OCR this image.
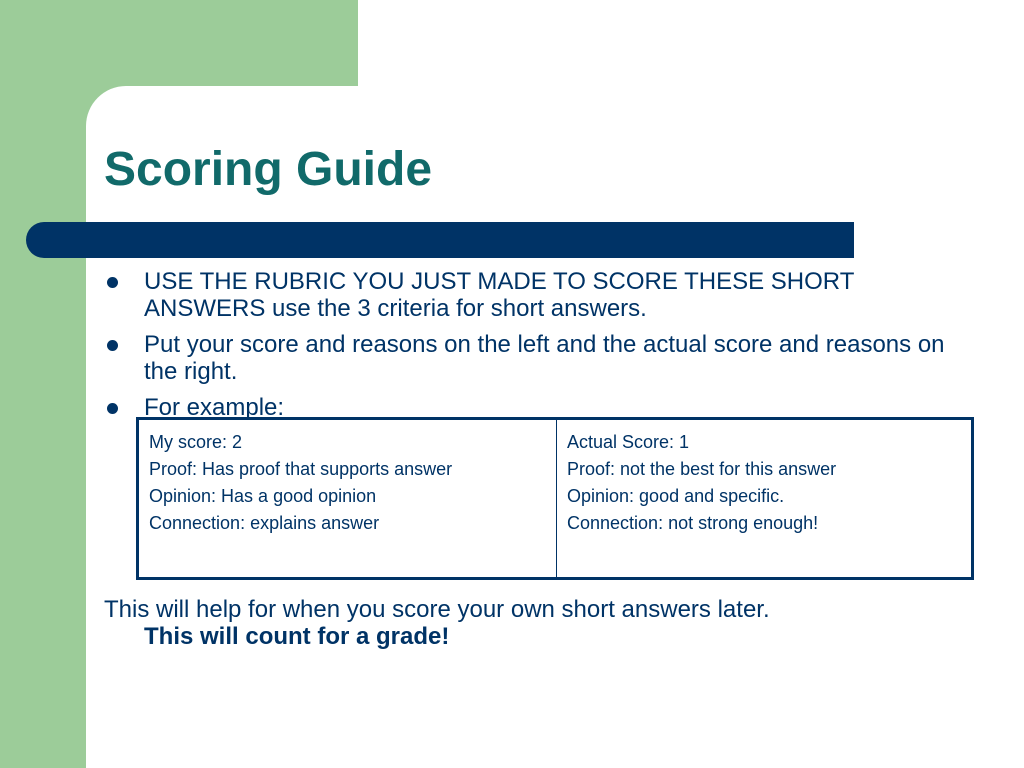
Scoring Guide
USE THE RUBRIC YOU JUST MADE TO SCORE THESE SHORT ANSWERS use the 3 criteria for short answers.
Put your score and reasons on the left and the actual score and reasons on the right.
For example:
My score: 2
Proof: Has proof that supports answer
Opinion: Has a good opinion
Connection: explains answer
Actual Score: 1
Proof: not the best for this answer
Opinion: good and specific.
Connection: not strong enough!
This will help for when you score your own short answers later.
This will count for a grade!
